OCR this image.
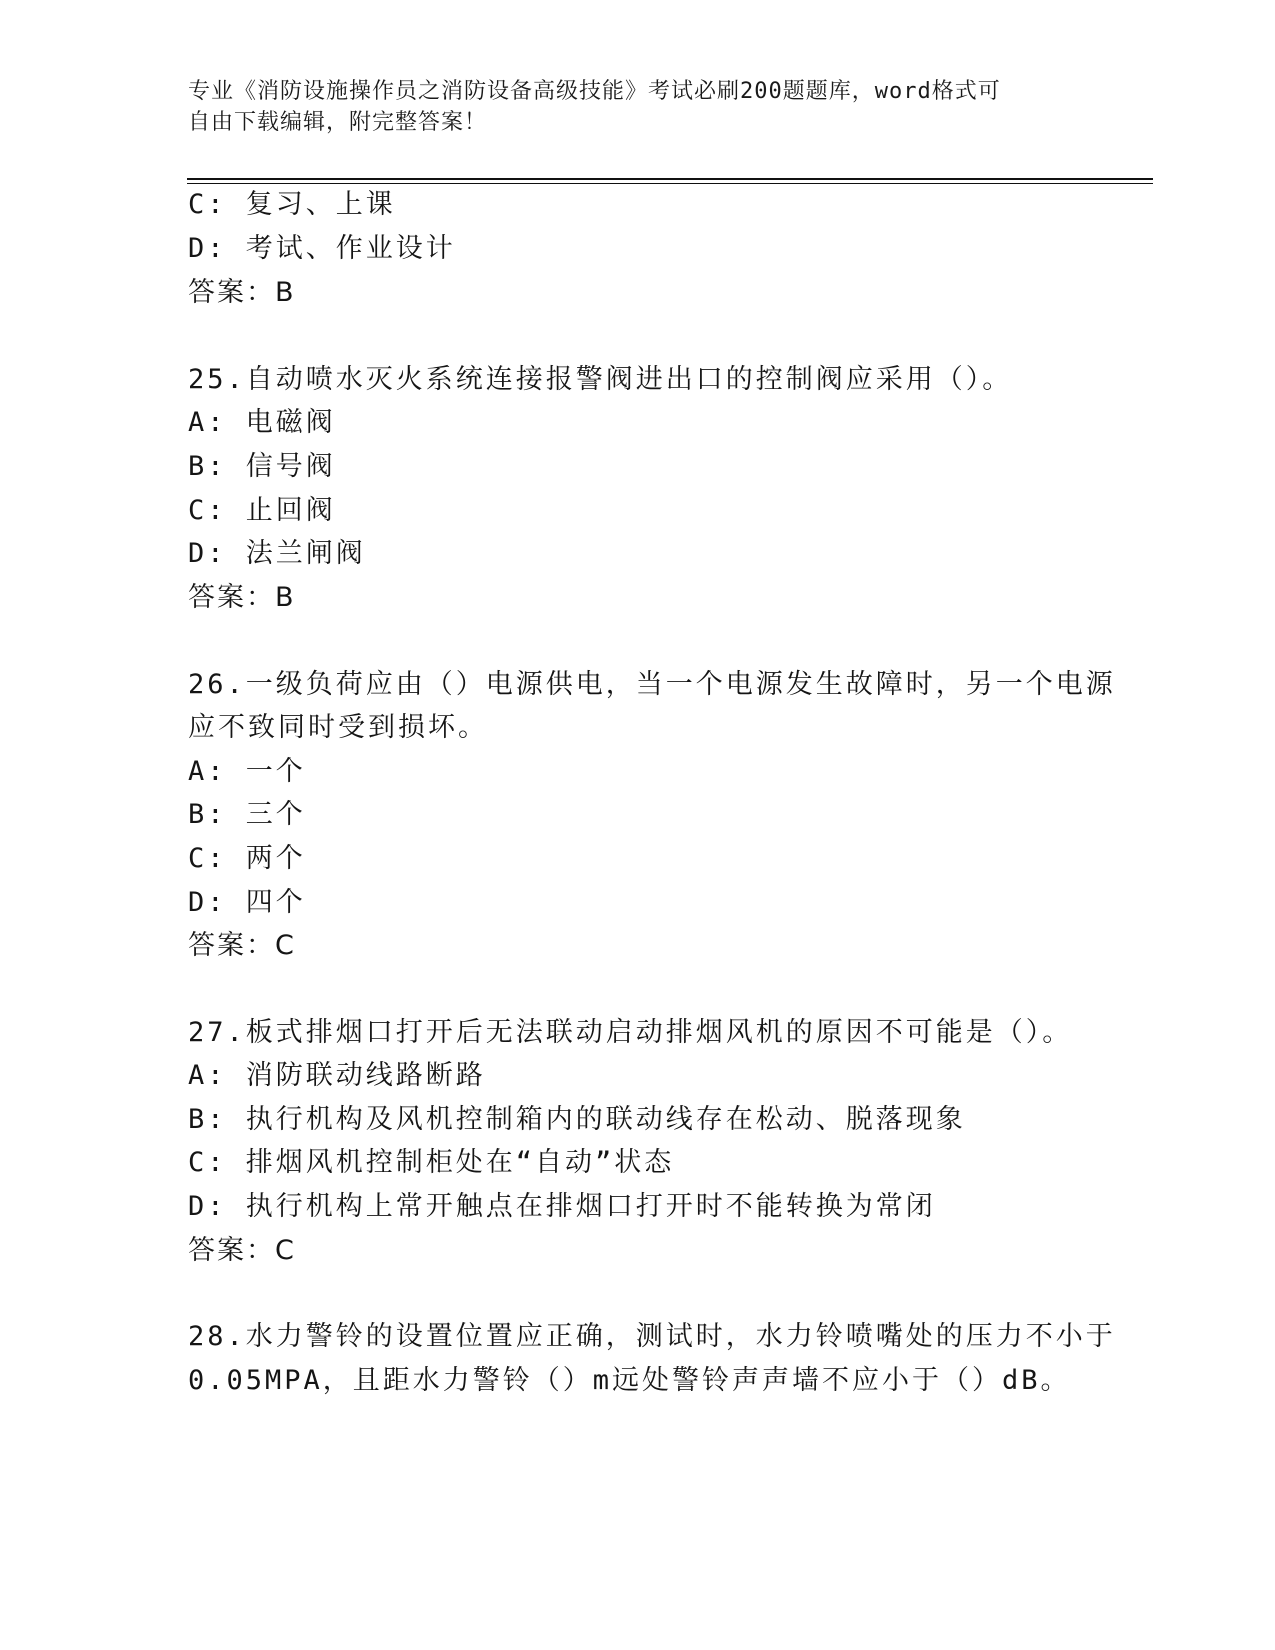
专业《消防设施操作员之消防设备高级技能》考试必刷200题题库，word格式可
自由下载编辑，附完整答案！
C: 复习、上课
D: 考试、作业设计
答案：B
25.自动喷水灭火系统连接报警阀进出口的控制阀应采用（）。
A: 电磁阀
B: 信号阀
C: 止回阀
D: 法兰闸阀
答案：B
26.一级负荷应由（）电源供电，当一个电源发生故障时，另一个电源
应不致同时受到损坏。
A: 一个
B: 三个
C: 两个
D: 四个
答案：C
27.板式排烟口打开后无法联动启动排烟风机的原因不可能是（）。
A: 消防联动线路断路
B: 执行机构及风机控制箱内的联动线存在松动、脱落现象
C: 排烟风机控制柜处在“自动”状态
D: 执行机构上常开触点在排烟口打开时不能转换为常闭
答案：C
28.水力警铃的设置位置应正确，测试时，水力铃喷嘴处的压力不小于
0.05MPA，且距水力警铃（）m远处警铃声声墙不应小于（）dB。
